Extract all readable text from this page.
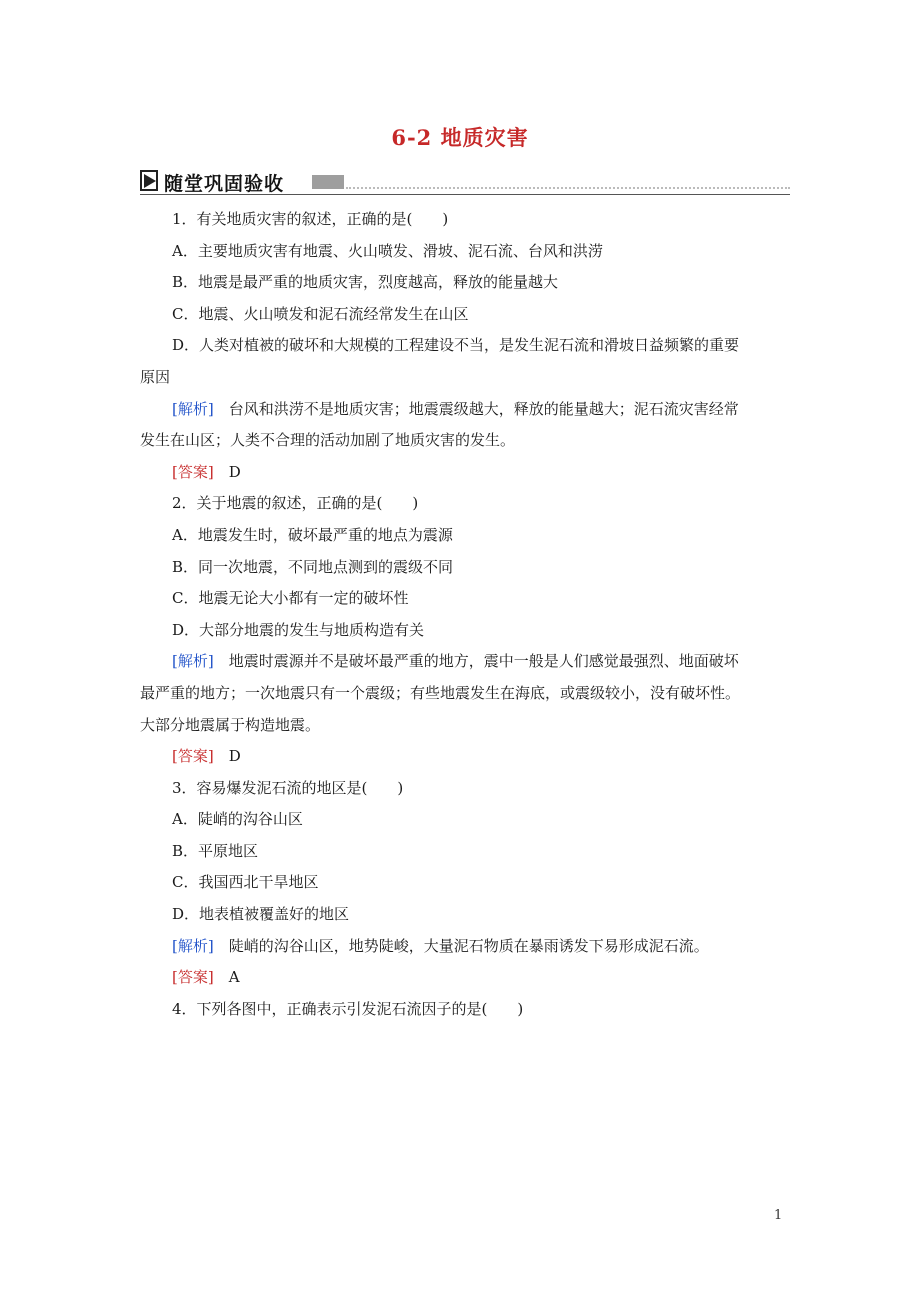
6-2 地质灾害
随堂巩固验收
1．有关地质灾害的叙述，正确的是(　　)
A．主要地质灾害有地震、火山喷发、滑坡、泥石流、台风和洪涝
B．地震是最严重的地质灾害，烈度越高，释放的能量越大
C．地震、火山喷发和泥石流经常发生在山区
D．人类对植被的破坏和大规模的工程建设不当，是发生泥石流和滑坡日益频繁的重要
原因
[解析]　台风和洪涝不是地质灾害；地震震级越大，释放的能量越大；泥石流灾害经常
发生在山区；人类不合理的活动加剧了地质灾害的发生。
[答案]　D
2．关于地震的叙述，正确的是(　　)
A．地震发生时，破坏最严重的地点为震源
B．同一次地震，不同地点测到的震级不同
C．地震无论大小都有一定的破坏性
D．大部分地震的发生与地质构造有关
[解析]　地震时震源并不是破坏最严重的地方，震中一般是人们感觉最强烈、地面破坏
最严重的地方；一次地震只有一个震级；有些地震发生在海底，或震级较小，没有破坏性。
大部分地震属于构造地震。
[答案]　D
3．容易爆发泥石流的地区是(　　)
A．陡峭的沟谷山区
B．平原地区
C．我国西北干旱地区
D．地表植被覆盖好的地区
[解析]　陡峭的沟谷山区，地势陡峻，大量泥石物质在暴雨诱发下易形成泥石流。
[答案]　A
4．下列各图中，正确表示引发泥石流因子的是(　　)
1
